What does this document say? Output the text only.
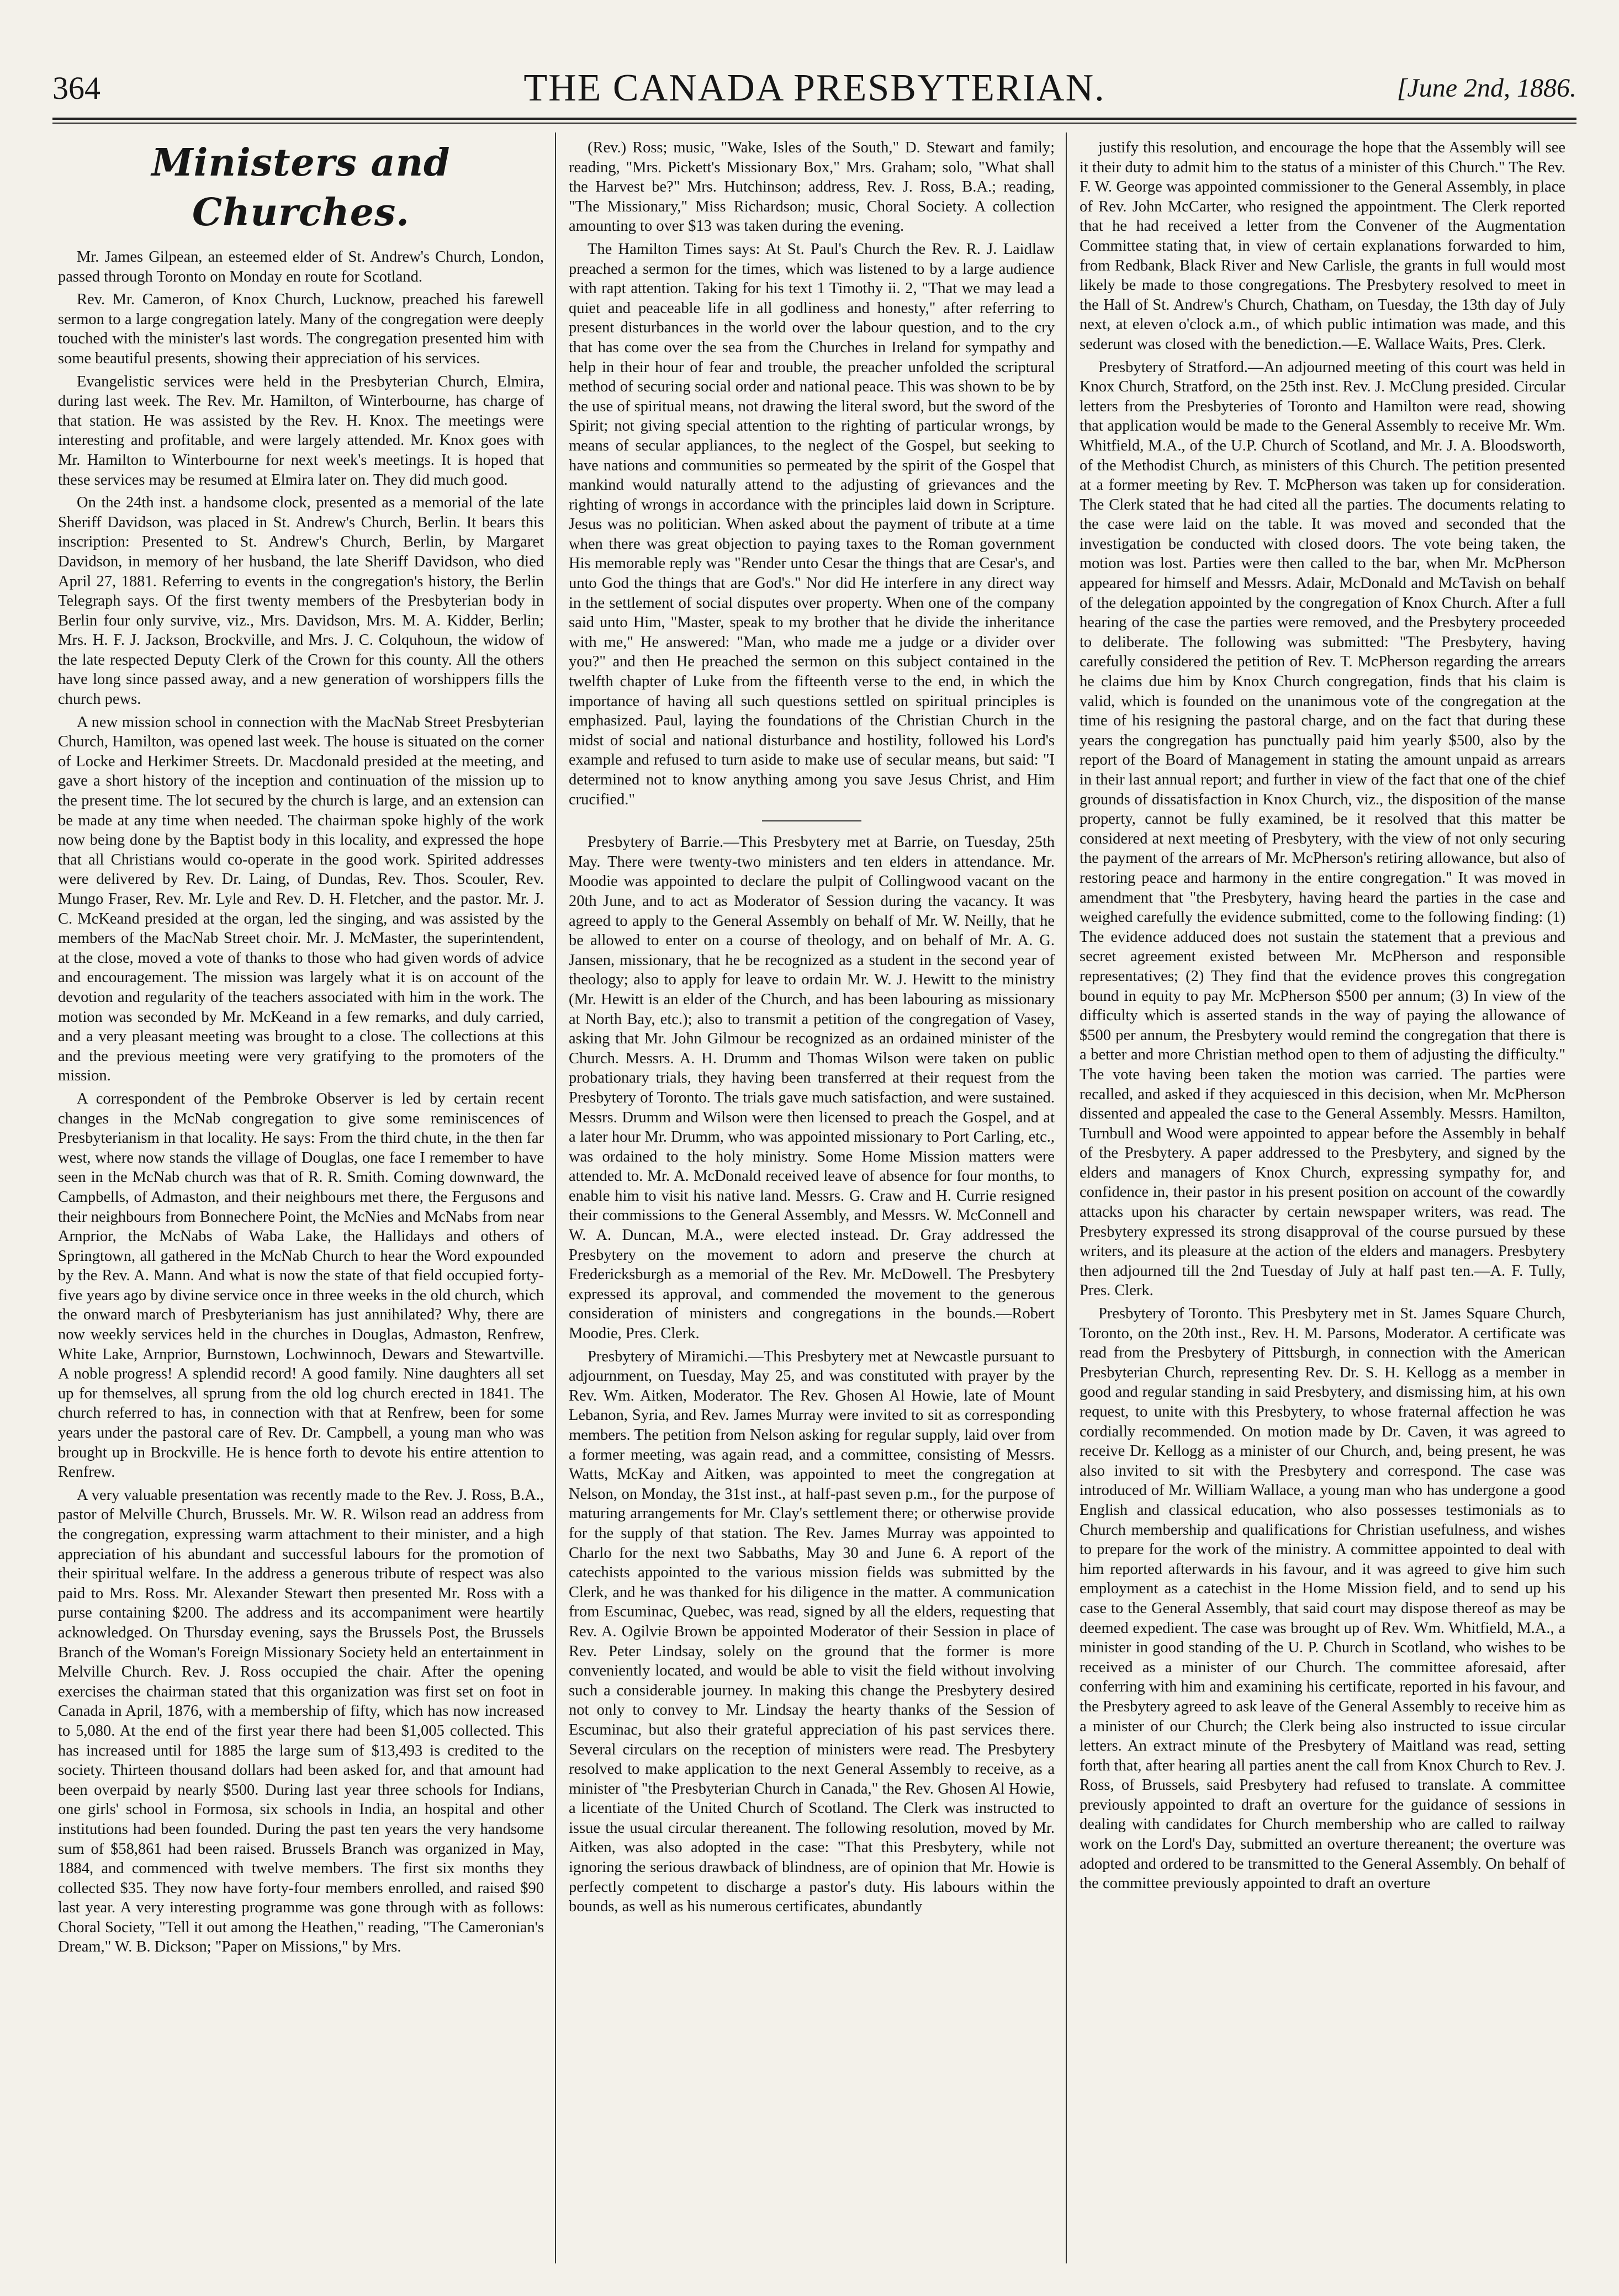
364	THE CANADA PRESBYTERIAN.	[June 2nd, 1886.
Ministers and Churches.

Mr. James Gilpean, an esteemed elder of St. Andrew's Church, London, passed through Toronto on Monday en route for Scotland.

Rev. Mr. Cameron, of Knox Church, Lucknow, preached his farewell sermon to a large congregation lately. Many of the congregation were deeply touched with the minister's last words. The congregation presented him with some beautiful presents, showing their appreciation of his services.

Evangelistic services were held in the Presbyterian Church, Elmira, during last week. The Rev. Mr. Hamilton, of Winterbourne, has charge of that station. He was assisted by the Rev. H. Knox. The meetings were interesting and profitable, and were largely attended. Mr. Knox goes with Mr. Hamilton to Winterbourne for next week's meetings. It is hoped that these services may be resumed at Elmira later on. They did much good.

On the 24th inst. a handsome clock, presented as a memorial of the late Sheriff Davidson, was placed in St. Andrew's Church, Berlin. It bears this inscription: Presented to St. Andrew's Church, Berlin, by Margaret Davidson, in memory of her husband, the late Sheriff Davidson, who died April 27, 1881. Referring to events in the congregation's history, the Berlin Telegraph says. Of the first twenty members of the Presbyterian body in Berlin four only survive, viz., Mrs. Davidson, Mrs. M. A. Kidder, Berlin; Mrs. H. F. J. Jackson, Brockville, and Mrs. J. C. Colquhoun, the widow of the late respected Deputy Clerk of the Crown for this county. All the others have long since passed away, and a new generation of worshippers fills the church pews.

A new mission school in connection with the MacNab Street Presbyterian Church, Hamilton, was opened last week. The house is situated on the corner of Locke and Herkimer Streets. Dr. Macdonald presided at the meeting, and gave a short history of the inception and continuation of the mission up to the present time. The lot secured by the church is large, and an extension can be made at any time when needed. The chairman spoke highly of the work now being done by the Baptist body in this locality, and expressed the hope that all Christians would co-operate in the good work. Spirited addresses were delivered by Rev. Dr. Laing, of Dundas, Rev. Thos. Scouler, Rev. Mungo Fraser, Rev. Mr. Lyle and Rev. D. H. Fletcher, and the pastor. Mr. J. C. McKeand presided at the organ, led the singing, and was assisted by the members of the MacNab Street choir. Mr. J. McMaster, the superintendent, at the close, moved a vote of thanks to those who had given words of advice and encouragement. The mission was largely what it is on account of the devotion and regularity of the teachers associated with him in the work. The motion was seconded by Mr. McKeand in a few remarks, and duly carried, and a very pleasant meeting was brought to a close. The collections at this and the previous meeting were very gratifying to the promoters of the mission.

A correspondent of the Pembroke Observer is led by certain recent changes in the McNab congregation to give some reminiscences of Presbyterianism in that locality. He says: From the third chute, in the then far west, where now stands the village of Douglas, one face I remember to have seen in the McNab church was that of R. R. Smith. Coming downward, the Campbells, of Admaston, and their neighbours met there, the Fergusons and their neighbours from Bonnechere Point, the McNies and McNabs from near Arnprior, the McNabs of Waba Lake, the Hallidays and others of Springtown, all gathered in the McNab Church to hear the Word expounded by the Rev. A. Mann. And what is now the state of that field occupied forty-five years ago by divine service once in three weeks in the old church, which the onward march of Presbyterianism has just annihilated? Why, there are now weekly services held in the churches in Douglas, Admaston, Renfrew, White Lake, Arnprior, Burnstown, Lochwinnoch, Dewars and Stewartville. A noble progress! A splendid record! A good family. Nine daughters all set up for themselves, all sprung from the old log church erected in 1841. The church referred to has, in connection with that at Renfrew, been for some years under the pastoral care of Rev. Dr. Campbell, a young man who was brought up in Brockville. He is hence forth to devote his entire attention to Renfrew.

A very valuable presentation was recently made to the Rev. J. Ross, B.A., pastor of Melville Church, Brussels. Mr. W. R. Wilson read an address from the congregation, expressing warm attachment to their minister, and a high appreciation of his abundant and successful labours for the promotion of their spiritual welfare. In the address a generous tribute of respect was also paid to Mrs. Ross. Mr. Alexander Stewart then presented Mr. Ross with a purse containing $200. The address and its accompaniment were heartily acknowledged. On Thursday evening, says the Brussels Post, the Brussels Branch of the Woman's Foreign Missionary Society held an entertainment in Melville Church. Rev. J. Ross occupied the chair. After the opening exercises the chairman stated that this organization was first set on foot in Canada in April, 1876, with a membership of fifty, which has now increased to 5,080. At the end of the first year there had been $1,005 collected. This has increased until for 1885 the large sum of $13,493 is credited to the society. Thirteen thousand dollars had been asked for, and that amount had been overpaid by nearly $500. During last year three schools for Indians, one girls' school in Formosa, six schools in India, an hospital and other institutions had been founded. During the past ten years the very handsome sum of $58,861 had been raised. Brussels Branch was organized in May, 1884, and commenced with twelve members. The first six months they collected $35. They now have forty-four members enrolled, and raised $90 last year. A very interesting programme was gone through with as follows: Choral Society, "Tell it out among the Heathen," reading, "The Cameronian's Dream," W. B. Dickson; "Paper on Missions," by Mrs.

(Rev.) Ross; music, "Wake, Isles of the South," D. Stewart and family; reading, "Mrs. Pickett's Missionary Box," Mrs. Graham; solo, "What shall the Harvest be?" Mrs. Hutchinson; address, Rev. J. Ross, B.A.; reading, "The Missionary," Miss Richardson; music, Choral Society. A collection amounting to over $13 was taken during the evening.

The Hamilton Times says: At St. Paul's Church the Rev. R. J. Laidlaw preached a sermon for the times, which was listened to by a large audience with rapt attention. Taking for his text 1 Timothy ii. 2, "That we may lead a quiet and peaceable life in all godliness and honesty," after referring to present disturbances in the world over the labour question, and to the cry that has come over the sea from the Churches in Ireland for sympathy and help in their hour of fear and trouble, the preacher unfolded the scriptural method of securing social order and national peace. This was shown to be by the use of spiritual means, not drawing the literal sword, but the sword of the Spirit; not giving special attention to the righting of particular wrongs, by means of secular appliances, to the neglect of the Gospel, but seeking to have nations and communities so permeated by the spirit of the Gospel that mankind would naturally attend to the adjusting of grievances and the righting of wrongs in accordance with the principles laid down in Scripture. Jesus was no politician. When asked about the payment of tribute at a time when there was great objection to paying taxes to the Roman government His memorable reply was "Render unto Cesar the things that are Cesar's, and unto God the things that are God's." Nor did He interfere in any direct way in the settlement of social disputes over property. When one of the company said unto Him, "Master, speak to my brother that he divide the inheritance with me," He answered: "Man, who made me a judge or a divider over you?" and then He preached the sermon on this subject contained in the twelfth chapter of Luke from the fifteenth verse to the end, in which the importance of having all such questions settled on spiritual principles is emphasized. Paul, laying the foundations of the Christian Church in the midst of social and national disturbance and hostility, followed his Lord's example and refused to turn aside to make use of secular means, but said: "I determined not to know anything among you save Jesus Christ, and Him crucified."

Presbytery of Barrie.—This Presbytery met at Barrie, on Tuesday, 25th May. There were twenty-two ministers and ten elders in attendance. Mr. Moodie was appointed to declare the pulpit of Collingwood vacant on the 20th June, and to act as Moderator of Session during the vacancy. It was agreed to apply to the General Assembly on behalf of Mr. W. Neilly, that he be allowed to enter on a course of theology, and on behalf of Mr. A. G. Jansen, missionary, that he be recognized as a student in the second year of theology; also to apply for leave to ordain Mr. W. J. Hewitt to the ministry (Mr. Hewitt is an elder of the Church, and has been labouring as missionary at North Bay, etc.); also to transmit a petition of the congregation of Vasey, asking that Mr. John Gilmour be recognized as an ordained minister of the Church. Messrs. A. H. Drumm and Thomas Wilson were taken on public probationary trials, they having been transferred at their request from the Presbytery of Toronto. The trials gave much satisfaction, and were sustained. Messrs. Drumm and Wilson were then licensed to preach the Gospel, and at a later hour Mr. Drumm, who was appointed missionary to Port Carling, etc., was ordained to the holy ministry. Some Home Mission matters were attended to. Mr. A. McDonald received leave of absence for four months, to enable him to visit his native land. Messrs. G. Craw and H. Currie resigned their commissions to the General Assembly, and Messrs. W. McConnell and W. A. Duncan, M.A., were elected instead. Dr. Gray addressed the Presbytery on the movement to adorn and preserve the church at Fredericksburgh as a memorial of the Rev. Mr. McDowell. The Presbytery expressed its approval, and commended the movement to the generous consideration of ministers and congregations in the bounds.—Robert Moodie, Pres. Clerk.

Presbytery of Miramichi.—This Presbytery met at Newcastle pursuant to adjournment, on Tuesday, May 25, and was constituted with prayer by the Rev. Wm. Aitken, Moderator. The Rev. Ghosen Al Howie, late of Mount Lebanon, Syria, and Rev. James Murray were invited to sit as corresponding members. The petition from Nelson asking for regular supply, laid over from a former meeting, was again read, and a committee, consisting of Messrs. Watts, McKay and Aitken, was appointed to meet the congregation at Nelson, on Monday, the 31st inst., at half-past seven p.m., for the purpose of maturing arrangements for Mr. Clay's settlement there; or otherwise provide for the supply of that station. The Rev. James Murray was appointed to Charlo for the next two Sabbaths, May 30 and June 6. A report of the catechists appointed to the various mission fields was submitted by the Clerk, and he was thanked for his diligence in the matter. A communication from Escuminac, Quebec, was read, signed by all the elders, requesting that Rev. A. Ogilvie Brown be appointed Moderator of their Session in place of Rev. Peter Lindsay, solely on the ground that the former is more conveniently located, and would be able to visit the field without involving such a considerable journey. In making this change the Presbytery desired not only to convey to Mr. Lindsay the hearty thanks of the Session of Escuminac, but also their grateful appreciation of his past services there. Several circulars on the reception of ministers were read. The Presbytery resolved to make application to the next General Assembly to receive, as a minister of "the Presbyterian Church in Canada," the Rev. Ghosen Al Howie, a licentiate of the United Church of Scotland. The Clerk was instructed to issue the usual circular thereanent. The following resolution, moved by Mr. Aitken, was also adopted in the case: "That this Presbytery, while not ignoring the serious drawback of blindness, are of opinion that Mr. Howie is perfectly competent to discharge a pastor's duty. His labours within the bounds, as well as his numerous certificates, abundantly

justify this resolution, and encourage the hope that the Assembly will see it their duty to admit him to the status of a minister of this Church." The Rev. F. W. George was appointed commissioner to the General Assembly, in place of Rev. John McCarter, who resigned the appointment. The Clerk reported that he had received a letter from the Convener of the Augmentation Committee stating that, in view of certain explanations forwarded to him, from Redbank, Black River and New Carlisle, the grants in full would most likely be made to those congregations. The Presbytery resolved to meet in the Hall of St. Andrew's Church, Chatham, on Tuesday, the 13th day of July next, at eleven o'clock a.m., of which public intimation was made, and this sederunt was closed with the benediction.—E. Wallace Waits, Pres. Clerk.

Presbytery of Stratford.—An adjourned meeting of this court was held in Knox Church, Stratford, on the 25th inst. Rev. J. McClung presided. Circular letters from the Presbyteries of Toronto and Hamilton were read, showing that application would be made to the General Assembly to receive Mr. Wm. Whitfield, M.A., of the U.P. Church of Scotland, and Mr. J. A. Bloodsworth, of the Methodist Church, as ministers of this Church. The petition presented at a former meeting by Rev. T. McPherson was taken up for consideration. The Clerk stated that he had cited all the parties. The documents relating to the case were laid on the table. It was moved and seconded that the investigation be conducted with closed doors. The vote being taken, the motion was lost. Parties were then called to the bar, when Mr. McPherson appeared for himself and Messrs. Adair, McDonald and McTavish on behalf of the delegation appointed by the congregation of Knox Church. After a full hearing of the case the parties were removed, and the Presbytery proceeded to deliberate. The following was submitted: "The Presbytery, having carefully considered the petition of Rev. T. McPherson regarding the arrears he claims due him by Knox Church congregation, finds that his claim is valid, which is founded on the unanimous vote of the congregation at the time of his resigning the pastoral charge, and on the fact that during these years the congregation has punctually paid him yearly $500, also by the report of the Board of Management in stating the amount unpaid as arrears in their last annual report; and further in view of the fact that one of the chief grounds of dissatisfaction in Knox Church, viz., the disposition of the manse property, cannot be fully examined, be it resolved that this matter be considered at next meeting of Presbytery, with the view of not only securing the payment of the arrears of Mr. McPherson's retiring allowance, but also of restoring peace and harmony in the entire congregation." It was moved in amendment that "the Presbytery, having heard the parties in the case and weighed carefully the evidence submitted, come to the following finding: (1) The evidence adduced does not sustain the statement that a previous and secret agreement existed between Mr. McPherson and responsible representatives; (2) They find that the evidence proves this congregation bound in equity to pay Mr. McPherson $500 per annum; (3) In view of the difficulty which is asserted stands in the way of paying the allowance of $500 per annum, the Presbytery would remind the congregation that there is a better and more Christian method open to them of adjusting the difficulty." The vote having been taken the motion was carried. The parties were recalled, and asked if they acquiesced in this decision, when Mr. McPherson dissented and appealed the case to the General Assembly. Messrs. Hamilton, Turnbull and Wood were appointed to appear before the Assembly in behalf of the Presbytery. A paper addressed to the Presbytery, and signed by the elders and managers of Knox Church, expressing sympathy for, and confidence in, their pastor in his present position on account of the cowardly attacks upon his character by certain newspaper writers, was read. The Presbytery expressed its strong disapproval of the course pursued by these writers, and its pleasure at the action of the elders and managers. Presbytery then adjourned till the 2nd Tuesday of July at half past ten.—A. F. Tully, Pres. Clerk.

Presbytery of Toronto. This Presbytery met in St. James Square Church, Toronto, on the 20th inst., Rev. H. M. Parsons, Moderator. A certificate was read from the Presbytery of Pittsburgh, in connection with the American Presbyterian Church, representing Rev. Dr. S. H. Kellogg as a member in good and regular standing in said Presbytery, and dismissing him, at his own request, to unite with this Presbytery, to whose fraternal affection he was cordially recommended. On motion made by Dr. Caven, it was agreed to receive Dr. Kellogg as a minister of our Church, and, being present, he was also invited to sit with the Presbytery and correspond. The case was introduced of Mr. William Wallace, a young man who has undergone a good English and classical education, who also possesses testimonials as to Church membership and qualifications for Christian usefulness, and wishes to prepare for the work of the ministry. A committee appointed to deal with him reported afterwards in his favour, and it was agreed to give him such employment as a catechist in the Home Mission field, and to send up his case to the General Assembly, that said court may dispose thereof as may be deemed expedient. The case was brought up of Rev. Wm. Whitfield, M.A., a minister in good standing of the U. P. Church in Scotland, who wishes to be received as a minister of our Church. The committee aforesaid, after conferring with him and examining his certificate, reported in his favour, and the Presbytery agreed to ask leave of the General Assembly to receive him as a minister of our Church; the Clerk being also instructed to issue circular letters. An extract minute of the Presbytery of Maitland was read, setting forth that, after hearing all parties anent the call from Knox Church to Rev. J. Ross, of Brussels, said Presbytery had refused to translate. A committee previously appointed to draft an overture for the guidance of sessions in dealing with candidates for Church membership who are called to railway work on the Lord's Day, submitted an overture thereanent; the overture was adopted and ordered to be transmitted to the General Assembly. On behalf of the committee previously appointed to draft an overture
